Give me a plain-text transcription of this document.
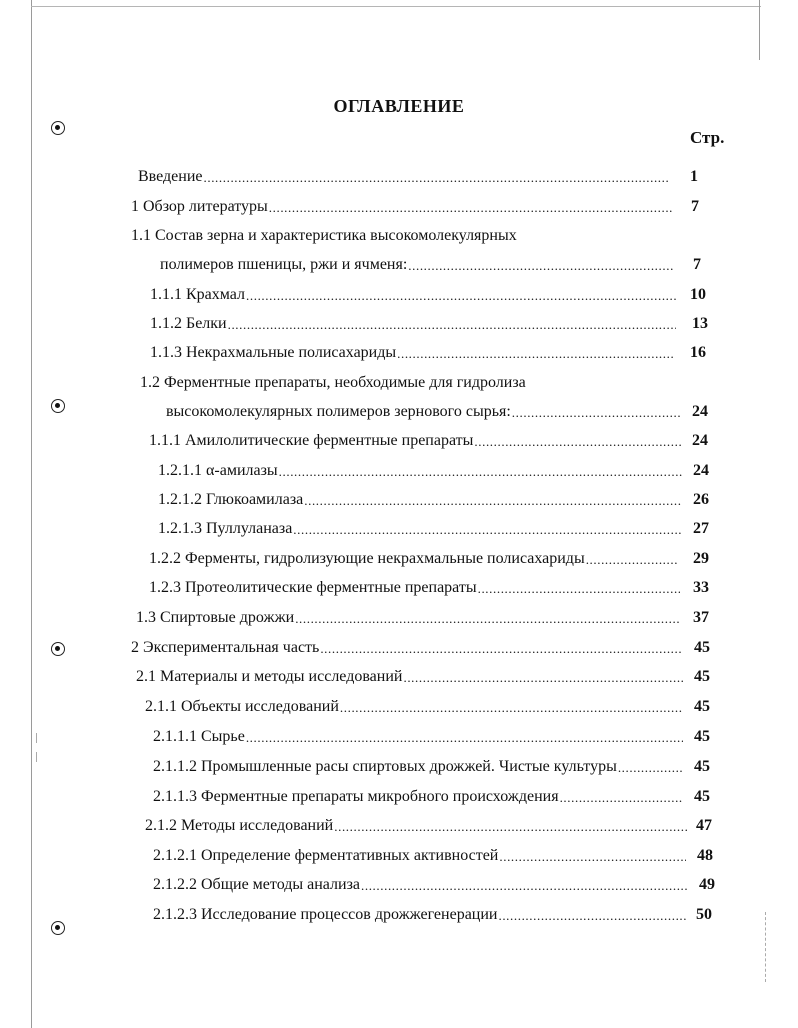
ОГЛАВЛЕНИЕ
Стр.
Введение .....	1
1 Обзор литературы .....	7
1.1 Состав зерна и характеристика высокомолекулярных
полимеров пшеницы, ржи и ячменя: .....	7
1.1.1 Крахмал .....	10
1.1.2 Белки .....	13
1.1.3 Некрахмальные полисахариды .....	16
1.2 Ферментные препараты, необходимые для гидролиза
высокомолекулярных полимеров зернового сырья: .....	24
1.1.1 Амилолитические ферментные препараты .....	24
1.2.1.1 α-амилазы .....	24
1.2.1.2 Глюкоамилаза .....	26
1.2.1.3 Пуллуланаза .....	27
1.2.2 Ферменты, гидролизующие некрахмальные полисахариды .....	29
1.2.3 Протеолитические ферментные препараты .....	33
1.3 Спиртовые дрожжи .....	37
2 Экспериментальная часть .....	45
2.1 Материалы и методы исследований .....	45
2.1.1 Объекты исследований .....	45
2.1.1.1 Сырье .....	45
2.1.1.2 Промышленные расы спиртовых дрожжей. Чистые культуры .....	45
2.1.1.3 Ферментные препараты микробного происхождения .....	45
2.1.2 Методы исследований .....	47
2.1.2.1 Определение ферментативных активностей .....	48
2.1.2.2 Общие методы анализа .....	49
2.1.2.3 Исследование процессов дрожжегенерации .....	50
